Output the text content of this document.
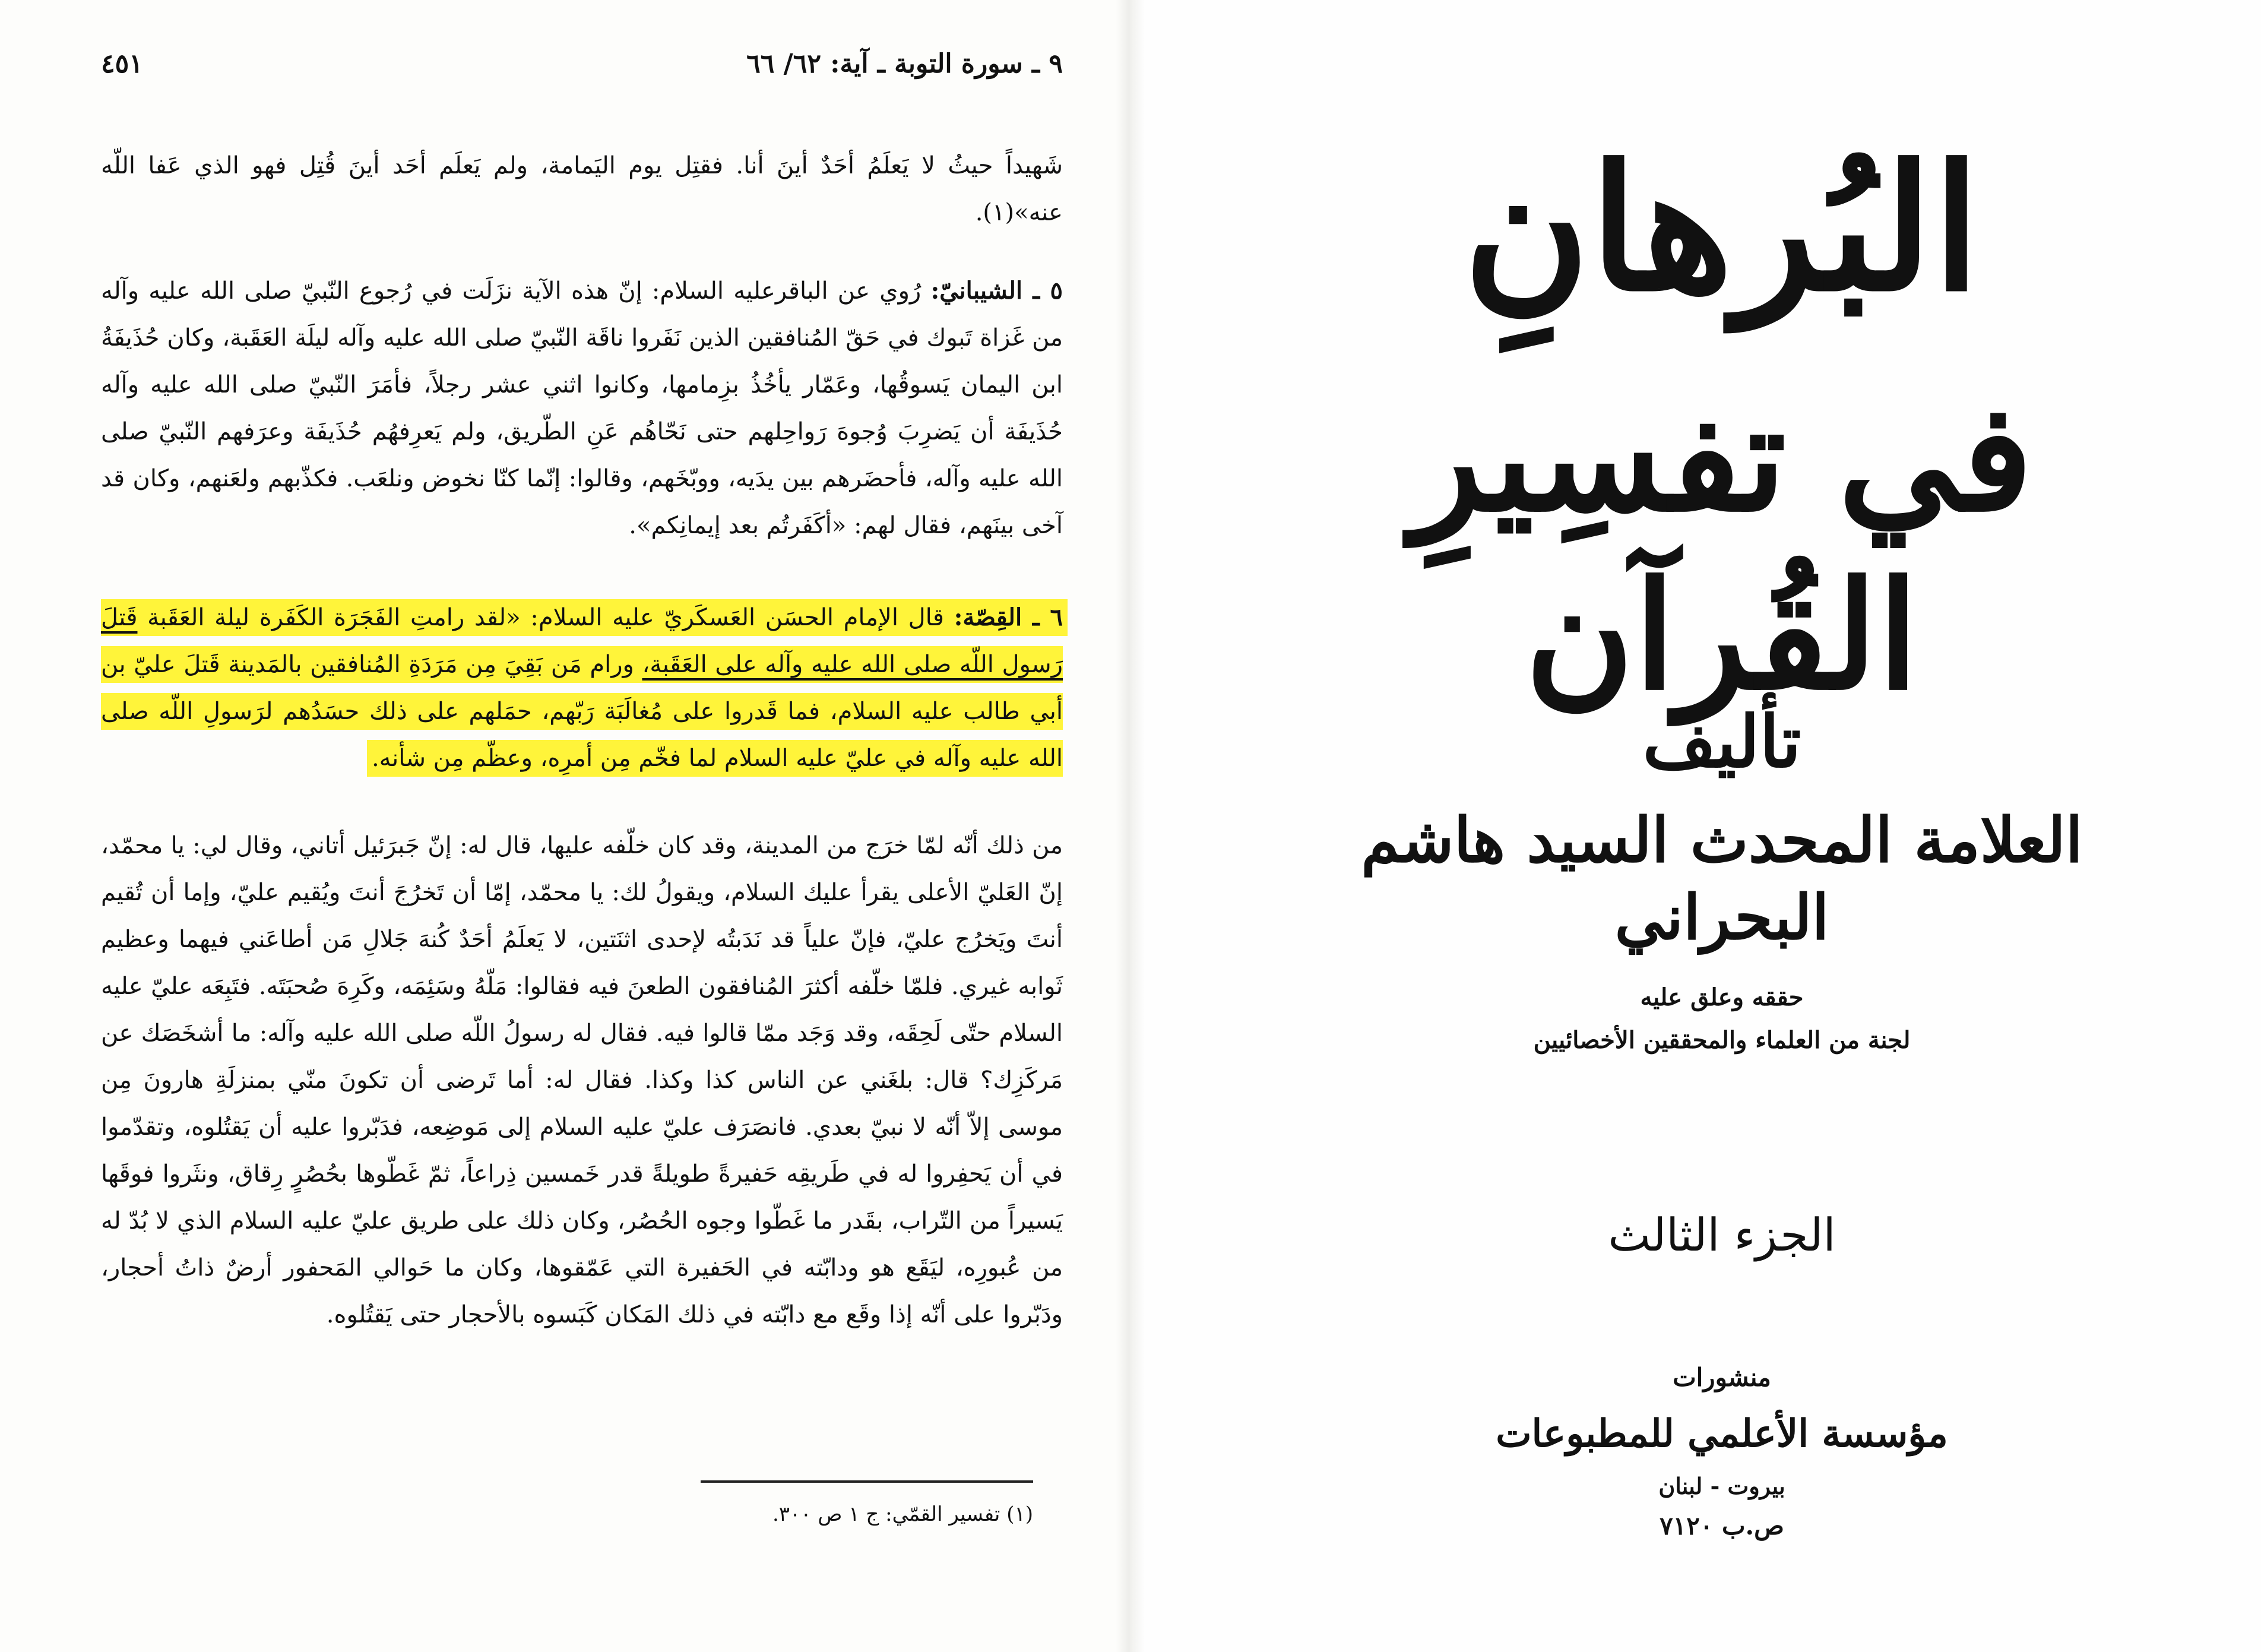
٩ ـ سورة التوبة ـ آية: ٦٢/ ٦٦
٤٥١

شَهيداً حيثُ لا يَعلَمُ أحَدٌ أينَ أنا. فقتِل يوم اليَمامة، ولم يَعلَم أحَد أينَ قُتِل فهو الذي عَفا اللّه عنه»(١).

٥ ـ الشيبانيّ: رُوي عن الباقرعليه السلام: إنّ هذه الآية نزَلَت في رُجوع النّبيّ صلى الله عليه وآله من غَزاة تَبوك في حَقّ المُنافقين الذين نَفَروا ناقَة النّبيّ صلى الله عليه وآله ليلَة العَقَبة، وكان حُذَيفَةُ ابن اليمان يَسوقُها، وعَمّار يأخُذُ بزِمامها، وكانوا اثني عشر رجلاً، فأمَرَ النّبيّ صلى الله عليه وآله حُذَيفَة أن يَضرِبَ وُجوهَ رَواحِلهم حتى نَحّاهُم عَنِ الطّريق، ولم يَعرِفهُم حُذَيفَة وعرَفهم النّبيّ صلى الله عليه وآله، فأحضَرهم بين يدَيه، ووبّخَهم، وقالوا: إنّما كنّا نخوض ونلعَب. فكذّبهم ولعَنهم، وكان قد آخى بينَهم، فقال لهم: «أكَفَرتُم بعد إيمانِكم».

٦ ـ القِصّة: قال الإمام الحسَن العَسكَريّ عليه السلام: «لقد رامتِ الفَجَرَة الكَفَرة ليلة العَقَبة قَتلَ رَسول اللّه صلى الله عليه وآله على العَقَبة، ورام مَن بَقِيَ مِن مَرَدَةِ المُنافقين بالمَدينة قَتلَ عليّ بن أبي طالب عليه السلام، فما قَدروا على مُغالَبَة رَبّهم، حمَلهم على ذلك حسَدُهم لرَسولِ اللّه صلى الله عليه وآله في عليّ عليه السلام لما فخّم مِن أمرِه، وعظّم مِن شأنه.

من ذلك أنّه لمّا خرَج من المدينة، وقد كان خلّفه عليها، قال له: إنّ جَبرَئيل أتاني، وقال لي: يا محمّد، إنّ العَليّ الأعلى يقرأ عليك السلام، ويقولُ لك: يا محمّد، إمّا أن تَخرُجَ أنتَ ويُقيم عليّ، وإما أن تُقيم أنتَ ويَخرُج عليّ، فإنّ علياً قد نَدَبتُه لإحدى اثنَتين، لا يَعلَمُ أحَدٌ كُنهَ جَلالِ مَن أطاعَني فيهما وعظيم ثَوابه غيري. فلمّا خلّفه أكثرَ المُنافقون الطعنَ فيه فقالوا: مَلّهُ وسَئِمَه، وكَرِهَ صُحبَتَه. فتَبِعَه عليّ عليه السلام حتّى لَحِقَه، وقد وَجَد ممّا قالوا فيه. فقال له رسولُ اللّه صلى الله عليه وآله: ما أشخَصَك عن مَركَزِك؟ قال: بلغَني عن الناس كذا وكذا. فقال له: أما تَرضى أن تكونَ منّي بمنزلَةِ هارونَ مِن موسى إلاّ أنّه لا نبيّ بعدي. فانصَرَف عليّ عليه السلام إلى مَوضِعه، فدَبّروا عليه أن يَقتُلوه، وتقدّموا في أن يَحفِروا له في طَريقِه حَفيرةً طويلةً قدر خَمسين ذِراعاً، ثمّ غَطّوها بحُصُرٍ رِقاق، ونثَروا فوقَها يَسيراً من التّراب، بقَدر ما غَطّوا وجوه الحُصُر، وكان ذلك على طريق عليّ عليه السلام الذي لا بُدّ له من عُبورِه، ليَقَع هو ودابّته في الحَفيرة التي عَمّقوها، وكان ما حَوالي المَحفور أرضٌ ذاتُ أحجار، ودَبّروا على أنّه إذا وقَع مع دابّته في ذلك المَكان كَبَسوه بالأحجار حتى يَقتُلوه.

(١) تفسير القمّي: ج ١ ص ٣٠٠.
البُرهانِ
في تفسِيرِ القُرآن
تأليف
العلامة المحدث السيد هاشم البحراني
حققه وعلق عليه
لجنة من العلماء والمحققين الأخصائيين
الجزء الثالث
منشورات
مؤسسة الأعلمي للمطبوعات
بيروت - لبنان
ص.ب ٧١٢٠
